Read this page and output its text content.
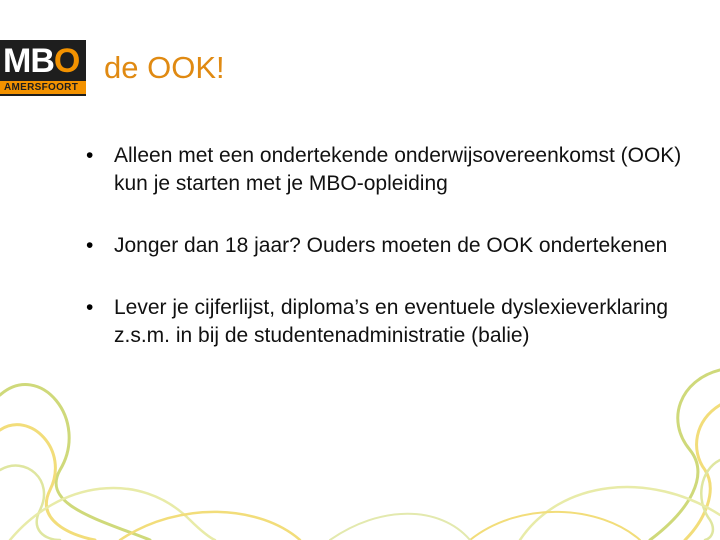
MBO
AMERSFOORT
de OOK!
• Alleen met een ondertekende onderwijsovereenkomst (OOK) kun je starten met je MBO-opleiding
• Jonger dan 18 jaar? Ouders moeten de OOK ondertekenen
• Lever je cijferlijst, diploma’s en eventuele dyslexieverklaring z.s.m. in bij de studentenadministratie (balie)
